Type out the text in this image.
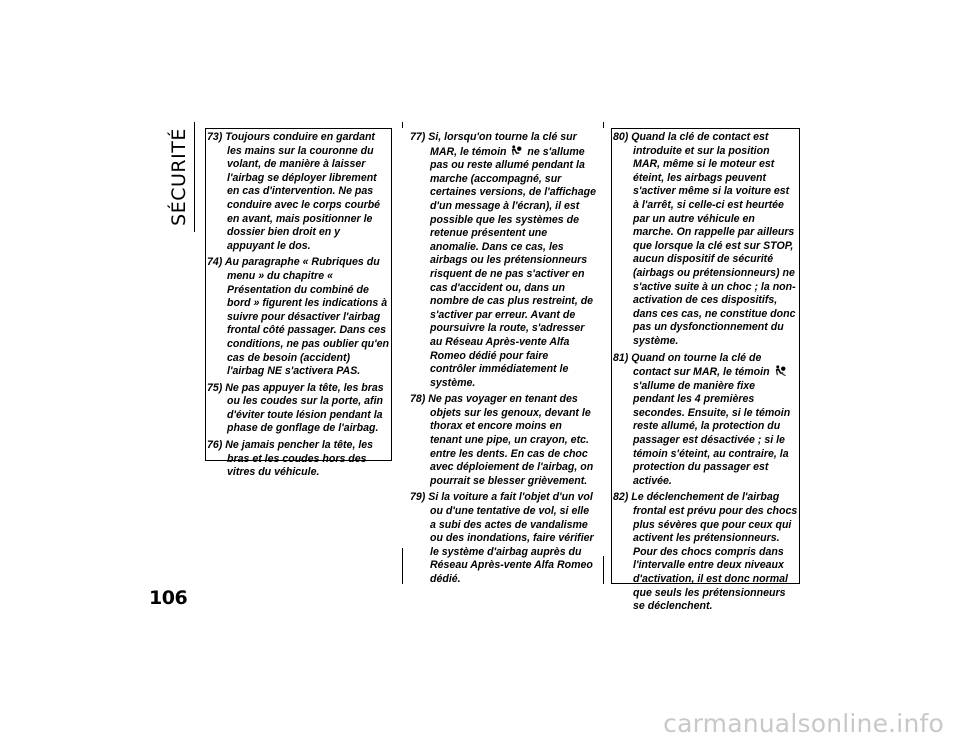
SÉCURITÉ
106

73) Toujours conduire en gardant les mains sur la couronne du volant, de manière à laisser l'airbag se déployer librement en cas d'intervention. Ne pas conduire avec le corps courbé en avant, mais positionner le dossier bien droit en y appuyant le dos.

74) Au paragraphe « Rubriques du menu » du chapitre « Présentation du combiné de bord » figurent les indications à suivre pour désactiver l'airbag frontal côté passager. Dans ces conditions, ne pas oublier qu'en cas de besoin (accident) l'airbag NE s'activera PAS.

75) Ne pas appuyer la tête, les bras ou les coudes sur la porte, afin d'éviter toute lésion pendant la phase de gonflage de l'airbag.

76) Ne jamais pencher la tête, les bras et les coudes hors des vitres du véhicule.

77) Si, lorsqu'on tourne la clé sur MAR, le témoin ne s'allume pas ou reste allumé pendant la marche (accompagné, sur certaines versions, de l'affichage d'un message à l'écran), il est possible que les systèmes de retenue présentent une anomalie. Dans ce cas, les airbags ou les prétensionneurs risquent de ne pas s'activer en cas d'accident ou, dans un nombre de cas plus restreint, de s'activer par erreur. Avant de poursuivre la route, s'adresser au Réseau Après-vente Alfa Romeo dédié pour faire contrôler immédiatement le système.

78) Ne pas voyager en tenant des objets sur les genoux, devant le thorax et encore moins en tenant une pipe, un crayon, etc. entre les dents. En cas de choc avec déploiement de l'airbag, on pourrait se blesser grièvement.

79) Si la voiture a fait l'objet d'un vol ou d'une tentative de vol, si elle a subi des actes de vandalisme ou des inondations, faire vérifier le système d'airbag auprès du Réseau Après-vente Alfa Romeo dédié.

80) Quand la clé de contact est introduite et sur la position MAR, même si le moteur est éteint, les airbags peuvent s'activer même si la voiture est à l'arrêt, si celle-ci est heurtée par un autre véhicule en marche. On rappelle par ailleurs que lorsque la clé est sur STOP, aucun dispositif de sécurité (airbags ou prétensionneurs) ne s'active suite à un choc ; la non-activation de ces dispositifs, dans ces cas, ne constitue donc pas un dysfonctionnement du système.

81) Quand on tourne la clé de contact sur MAR, le témoin  s'allume de manière fixe pendant les 4 premières secondes. Ensuite, si le témoin reste allumé, la protection du passager est désactivée ; si le témoin s'éteint, au contraire, la protection du passager est activée.

82) Le déclenchement de l'airbag frontal est prévu pour des chocs plus sévères que pour ceux qui activent les prétensionneurs. Pour des chocs compris dans l'intervalle entre deux niveaux d'activation, il est donc normal que seuls les prétensionneurs se déclenchent.

carmanualsonline.info
